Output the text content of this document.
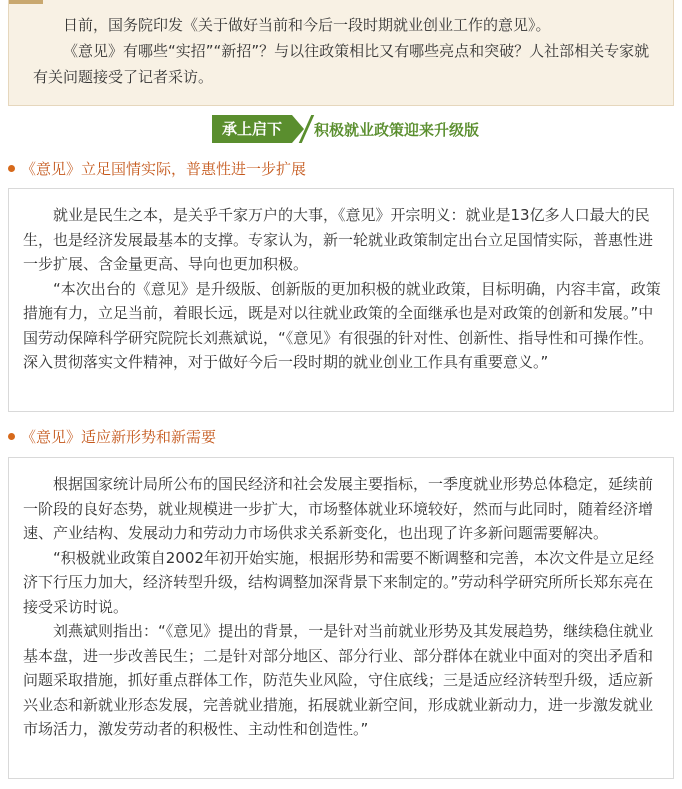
日前，国务院印发《关于做好当前和今后一段时期就业创业工作的意见》。

《意见》有哪些“实招”“新招”？与以往政策相比又有哪些亮点和突破？人社部相关专家就有关问题接受了记者采访。

承上启下	积极就业政策迎来升级版
《意见》立足国情实际，普惠性进一步扩展

就业是民生之本，是关乎千家万户的大事，《意见》开宗明义：就业是13亿多人口最大的民生，也是经济发展最基本的支撑。专家认为，新一轮就业政策制定出台立足国情实际，普惠性进一步扩展、含金量更高、导向也更加积极。

“本次出台的《意见》是升级版、创新版的更加积极的就业政策，目标明确，内容丰富，政策措施有力，立足当前，着眼长远，既是对以往就业政策的全面继承也是对政策的创新和发展。”中国劳动保障科学研究院院长刘燕斌说，“《意见》有很强的针对性、创新性、指导性和可操作性。深入贯彻落实文件精神，对于做好今后一段时期的就业创业工作具有重要意义。”

《意见》适应新形势和新需要

根据国家统计局所公布的国民经济和社会发展主要指标，一季度就业形势总体稳定，延续前一阶段的良好态势，就业规模进一步扩大，市场整体就业环境较好，然而与此同时，随着经济增速、产业结构、发展动力和劳动力市场供求关系新变化，也出现了许多新问题需要解决。

“积极就业政策自2002年初开始实施，根据形势和需要不断调整和完善，本次文件是立足经济下行压力加大，经济转型升级，结构调整加深背景下来制定的。”劳动科学研究所所长郑东亮在接受采访时说。

刘燕斌则指出：“《意见》提出的背景，一是针对当前就业形势及其发展趋势，继续稳住就业基本盘，进一步改善民生；二是针对部分地区、部分行业、部分群体在就业中面对的突出矛盾和问题采取措施，抓好重点群体工作，防范失业风险，守住底线；三是适应经济转型升级，适应新兴业态和新就业形态发展，完善就业措施，拓展就业新空间，形成就业新动力，进一步激发就业市场活力，激发劳动者的积极性、主动性和创造性。”
